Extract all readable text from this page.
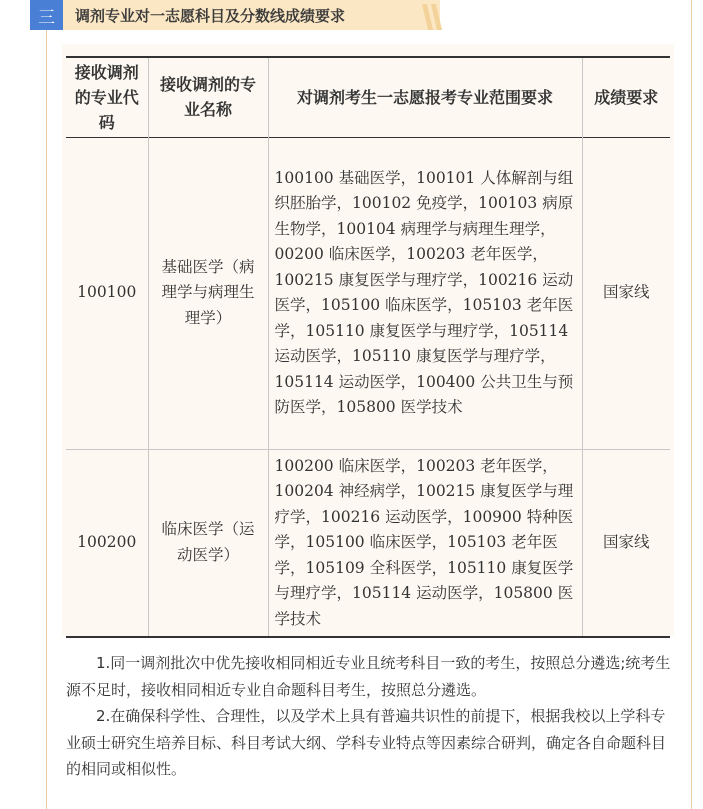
三	调剂专业对一志愿科目及分数线成绩要求
接收调剂的专业代码	接收调剂的专业名称	对调剂考生一志愿报考专业范围要求	成绩要求
100100	基础医学（病理学与病理生理学）	100100 基础医学，100101 人体解剖与组织胚胎学，100102 免疫学，100103 病原生物学，100104 病理学与病理生理学，00200 临床医学，100203 老年医学，100215 康复医学与理疗学，100216 运动医学，105100 临床医学，105103 老年医学，105110 康复医学与理疗学，105114 运动医学，105110 康复医学与理疗学，105114 运动医学，100400 公共卫生与预防医学，105800 医学技术	国家线
100200	临床医学（运动医学）	100200 临床医学，100203 老年医学，100204 神经病学，100215 康复医学与理疗学，100216 运动医学，100900 特种医学，105100 临床医学，105103 老年医学，105109 全科医学，105110 康复医学与理疗学，105114 运动医学，105800 医学技术	国家线

1.同一调剂批次中优先接收相同相近专业且统考科目一致的考生，按照总分遴选;统考生源不足时，接收相同相近专业自命题科目考生，按照总分遴选。

2.在确保科学性、合理性，以及学术上具有普遍共识性的前提下，根据我校以上学科专业硕士研究生培养目标、科目考试大纲、学科专业特点等因素综合研判，确定各自命题科目的相同或相似性。
